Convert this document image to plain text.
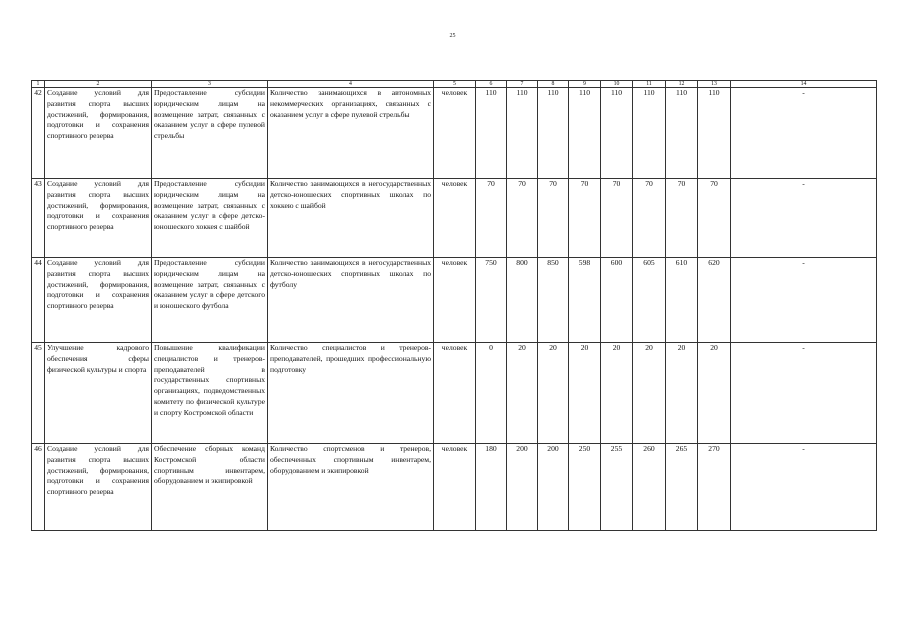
25
1	2	3	4	5	6	7	8	9	10	11	12	13	14
42	Создание условий для развития спорта высших достижений, формирования, подготовки и сохранения спортивного резерва	Предоставление субсидии юридическим лицам на возмещение затрат, связанных с оказанием услуг в сфере пулевой стрельбы	Количество занимающихся в автономных некоммерческих организациях, связанных с оказанием услуг в сфере пулевой стрельбы	человек	110	110	110	110	110	110	110	110	-
43	Создание условий для развития спорта высших достижений, формирования, подготовки и сохранения спортивного резерва	Предоставление субсидии юридическим лицам на возмещение затрат, связанных с оказанием услуг в сфере детско-юношеского хоккея с шайбой	Количество занимающихся в негосударственных детско-юношеских спортивных школах по хоккею с шайбой	человек	70	70	70	70	70	70	70	70	-
44	Создание условий для развития спорта высших достижений, формирования, подготовки и сохранения спортивного резерва	Предоставление субсидии юридическим лицам на возмещение затрат, связанных с оказанием услуг в сфере детского и юношеского футбола	Количество занимающихся в негосударственных детско-юношеских спортивных школах по футболу	человек	750	800	850	598	600	605	610	620	-
45	Улучшение кадрового обеспечения сферы физической культуры и спорта	Повышение квалификации специалистов и тренеров-преподавателей в государственных спортивных организациях, подведомственных комитету по физической культуре и спорту Костромской области	Количество специалистов и тренеров-преподавателей, прошедших профессиональную подготовку	человек	0	20	20	20	20	20	20	20	-
46	Создание условий для развития спорта высших достижений, формирования, подготовки и сохранения спортивного резерва	Обеспечение сборных команд Костромской области спортивным инвентарем, оборудованием и экипировкой	Количество спортсменов и тренеров, обеспеченных спортивным инвентарем, оборудованием и экипировкой	человек	180	200	200	250	255	260	265	270	-
